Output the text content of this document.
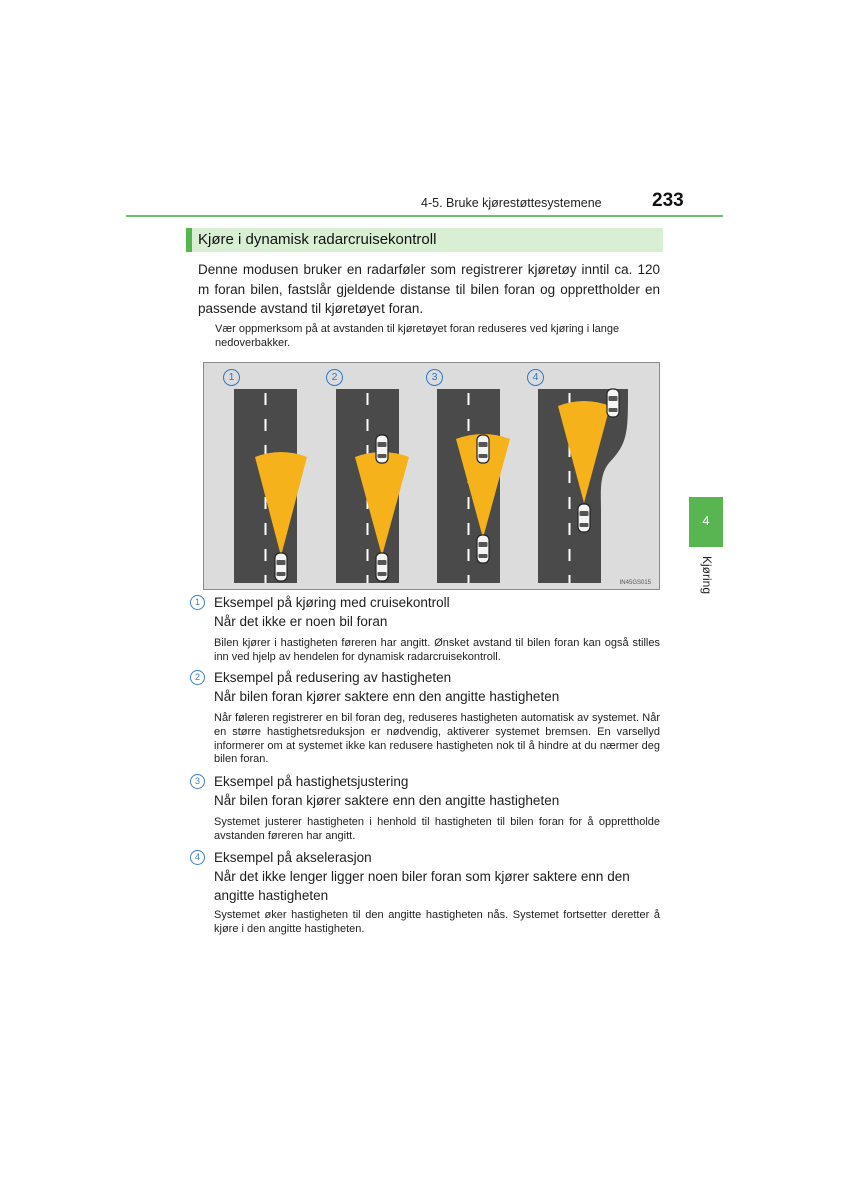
4-5. Bruke kjørestøttesystemene	233
Kjøre i dynamisk radarcruisekontroll
Denne modusen bruker en radarføler som registrerer kjøretøy inntil ca. 120 m foran bilen, fastslår gjeldende distanse til bilen foran og opprettholder en passende avstand til kjøretøyet foran.
Vær oppmerksom på at avstanden til kjøretøyet foran reduseres ved kjøring i lange nedoverbakker.
1	2	3	4
IN45GS015
4
Kjøring
1	Eksempel på kjøring med cruisekontroll
Når det ikke er noen bil foran
Bilen kjører i hastigheten føreren har angitt. Ønsket avstand til bilen foran kan også stilles inn ved hjelp av hendelen for dynamisk radarcruisekontroll.
2	Eksempel på redusering av hastigheten
Når bilen foran kjører saktere enn den angitte hastigheten
Når føleren registrerer en bil foran deg, reduseres hastigheten automatisk av systemet. Når en større hastighetsreduksjon er nødvendig, aktiverer systemet bremsen. En varsellyd informerer om at systemet ikke kan redusere hastigheten nok til å hindre at du nærmer deg bilen foran.
3	Eksempel på hastighetsjustering
Når bilen foran kjører saktere enn den angitte hastigheten
Systemet justerer hastigheten i henhold til hastigheten til bilen foran for å opprettholde avstanden føreren har angitt.
4	Eksempel på akselerasjon
Når det ikke lenger ligger noen biler foran som kjører saktere enn den angitte hastigheten
Systemet øker hastigheten til den angitte hastigheten nås. Systemet fortsetter deretter å kjøre i den angitte hastigheten.
